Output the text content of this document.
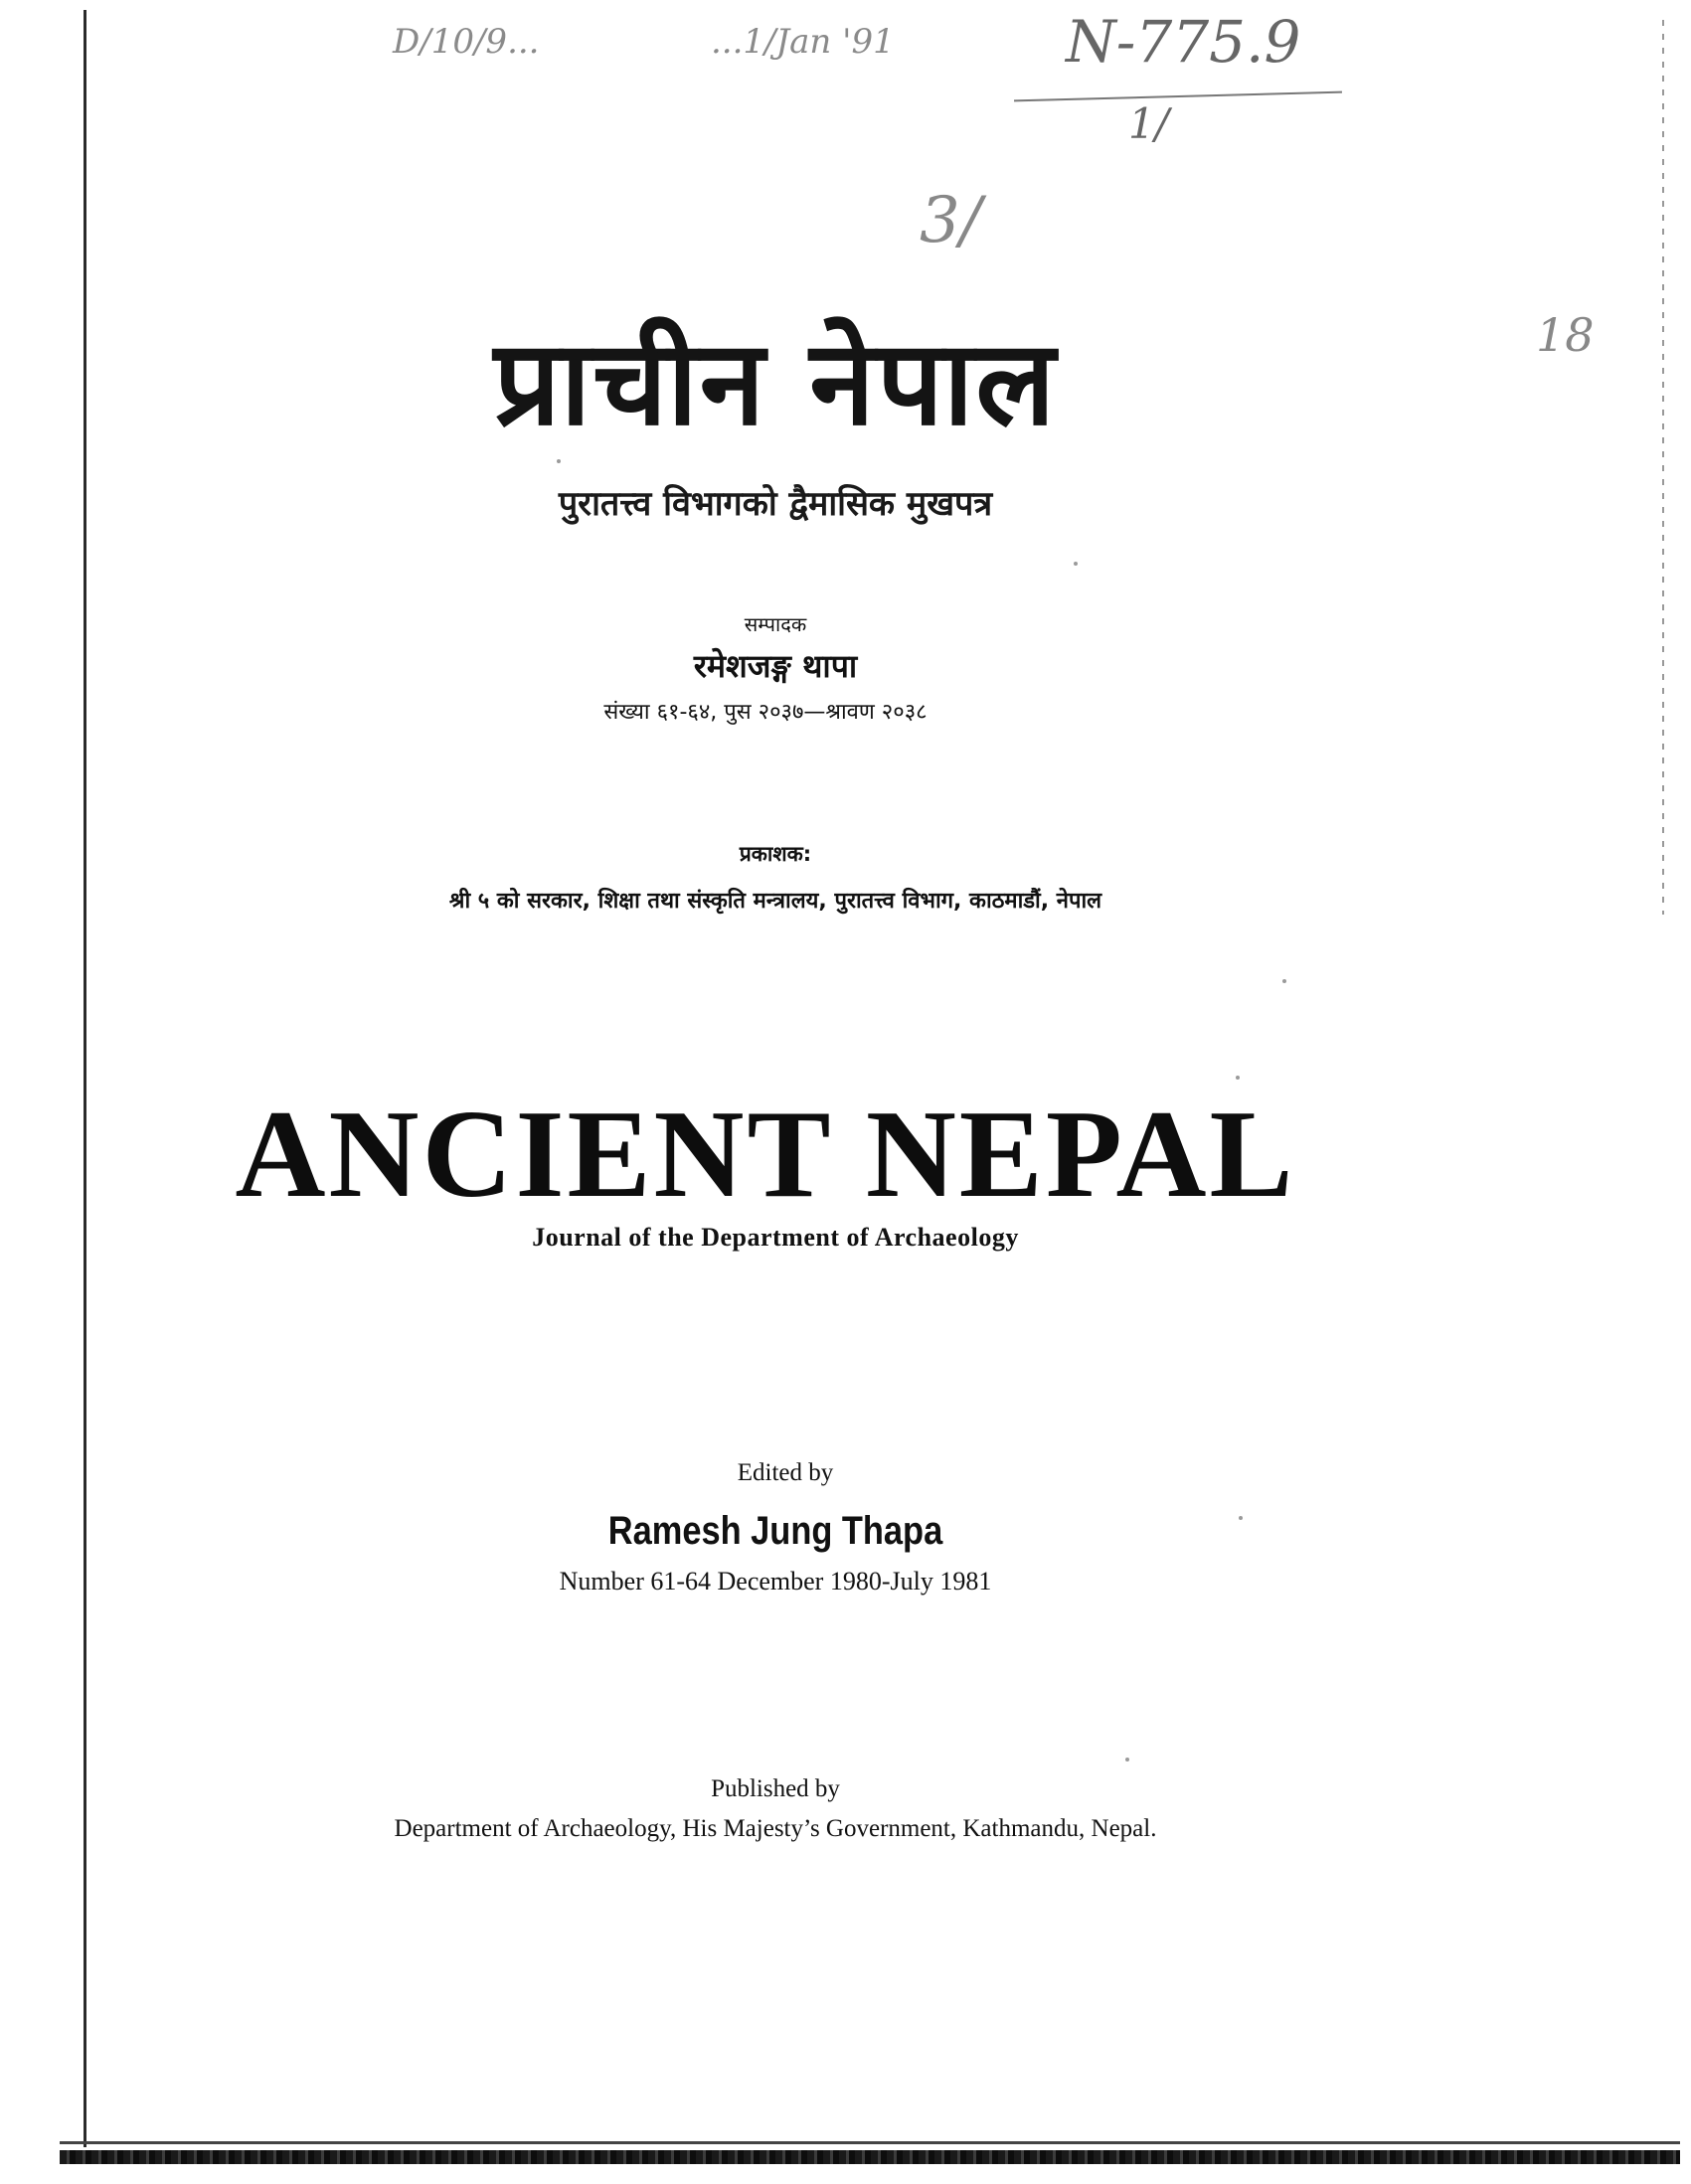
D/10/9...	...1/Jan '91	N-775.9
1/
3/
18
प्राचीन नेपाल
पुरातत्त्व विभागको द्वैमासिक मुखपत्र
सम्पादक
रमेशजङ्ग थापा
संख्या ६१-६४, पुस २०३७—श्रावण २०३८
प्रकाशक:
श्री ५ को सरकार, शिक्षा तथा संस्कृति मन्त्रालय, पुरातत्त्व विभाग, काठमाडौं, नेपाल
ANCIENT NEPAL
Journal of the Department of Archaeology
Edited by
Ramesh Jung Thapa
Number 61-64 December 1980-July 1981
Published by
Department of Archaeology, His Majesty’s Government, Kathmandu, Nepal.
